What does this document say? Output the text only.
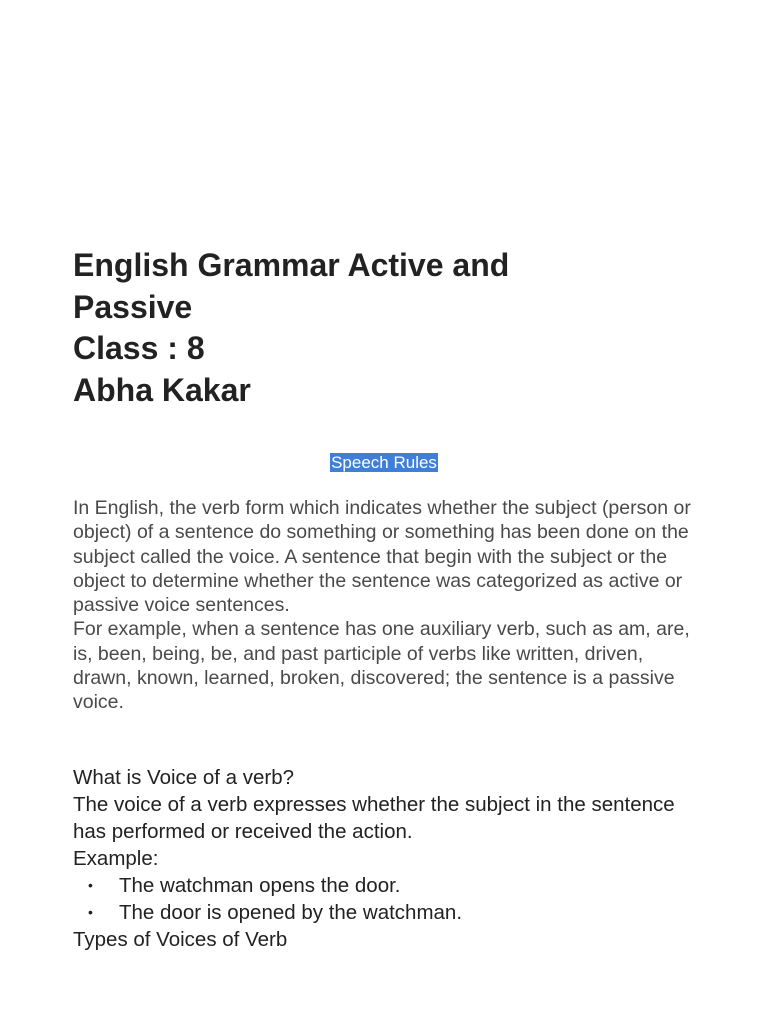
English Grammar Active and
Passive
Class : 8
Abha Kakar
Speech Rules

In English, the verb form which indicates whether the subject (person or object) of a sentence do something or something has been done on the subject called the voice. A sentence that begin with the subject or the object to determine whether the sentence was categorized as active or passive voice sentences.

For example, when a sentence has one auxiliary verb, such as am, are, is, been, being, be, and past participle of verbs like written, driven, drawn, known, learned, broken, discovered; the sentence is a passive voice.

What is Voice of a verb?

The voice of a verb expresses whether the subject in the sentence has performed or received the action.

Example:

• The watchman opens the door.
• The door is opened by the watchman.

Types of Voices of Verb
